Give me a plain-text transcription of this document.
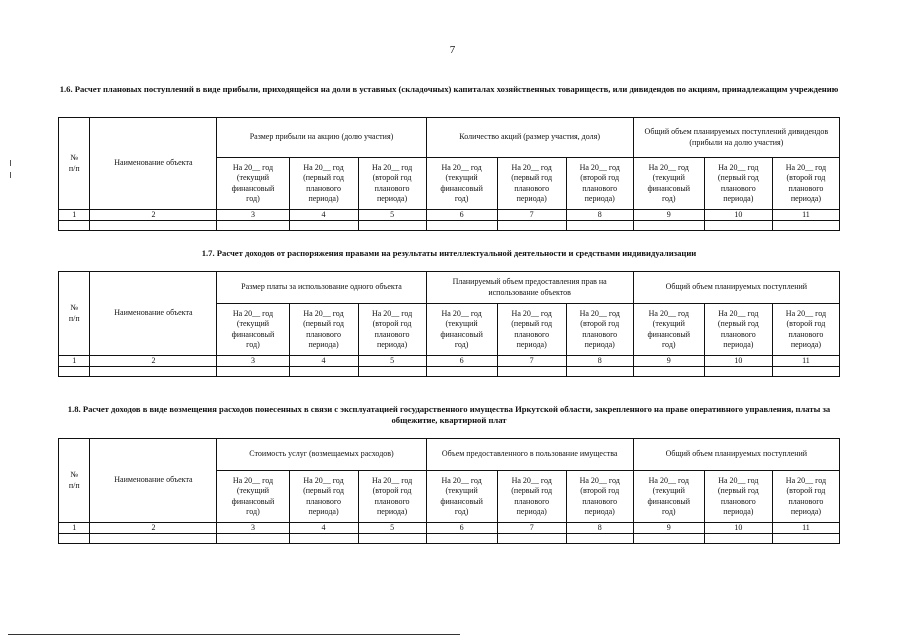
7
1.6. Расчет плановых поступлений в виде прибыли, приходящейся на доли в уставных (складочных) капиталах хозяйственных товариществ, или дивидендов по акциям, принадлежащим учреждению
№
п/п	Наименование объекта	Размер прибыли на акцию (долю участия)			Количество акций (размер участия, доля)			Общий объем планируемых поступлений дивидендов (прибыли на долю участия)		
		На 20__ год
(текущий
финансовый
год)	На 20__ год
(первый год
планового
периода)	На 20__ год
(второй год
планового
периода)	На 20__ год
(текущий
финансовый
год)	На 20__ год
(первый год
планового
периода)	На 20__ год
(второй год
планового
периода)	На 20__ год
(текущий
финансовый
год)	На 20__ год
(первый год
планового
периода)	На 20__ год
(второй год
планового
периода)
1	2	3	4	5	6	7	8	9	10	11

1.7. Расчет доходов от распоряжения правами на результаты интеллектуальной деятельности и средствами индивидуализации
№
п/п	Наименование объекта	Размер платы за использование одного объекта			Планируемый объем предоставления прав на использование объектов			Общий объем планируемых поступлений		
		На 20__ год
(текущий
финансовый
год)	На 20__ год
(первый год
планового
периода)	На 20__ год
(второй год
планового
периода)	На 20__ год
(текущий
финансовый
год)	На 20__ год
(первый год
планового
периода)	На 20__ год
(второй год
планового
периода)	На 20__ год
(текущий
финансовый
год)	На 20__ год
(первый год
планового
периода)	На 20__ год
(второй год
планового
периода)
1	2	3	4	5	6	7	8	9	10	11

1.8. Расчет доходов в виде возмещения расходов понесенных в связи с эксплуатацией государственного имущества Иркутской области, закрепленного на праве оперативного управления, платы за общежитие, квартирной плат
№
п/п	Наименование объекта	Стоимость услуг (возмещаемых расходов)			Объем предоставленного в пользование имущества			Общий объем планируемых поступлений		
		На 20__ год
(текущий
финансовый
год)	На 20__ год
(первый год
планового
периода)	На 20__ год
(второй год
планового
периода)	На 20__ год
(текущий
финансовый
год)	На 20__ год
(первый год
планового
периода)	На 20__ год
(второй год
планового
периода)	На 20__ год
(текущий
финансовый
год)	На 20__ год
(первый год
планового
периода)	На 20__ год
(второй год
планового
периода)
1	2	3	4	5	6	7	8	9	10	11
